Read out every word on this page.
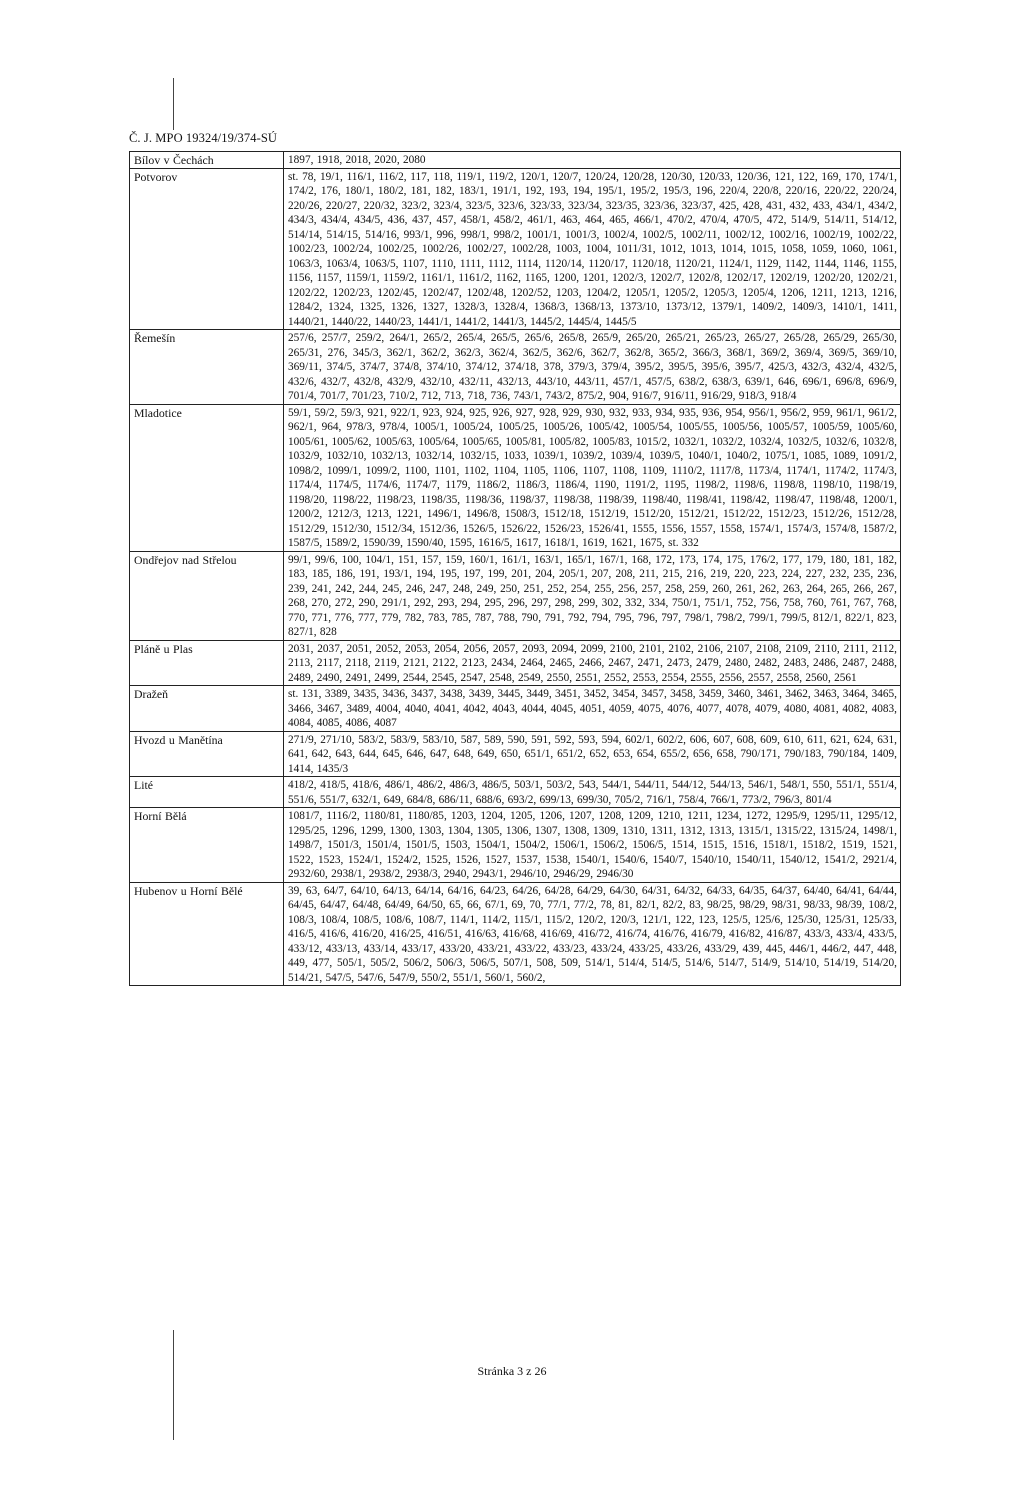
Č. J. MPO 19324/19/374-SÚ
Bílov v Čechách	1897, 1918, 2018, 2020, 2080
Potvorov	st. 78, 19/1, 116/1, 116/2, 117, 118, 119/1, 119/2, 120/1, 120/7, 120/24, 120/28, 120/30, 120/33, 120/36, 121, 122, 169, 170, 174/1, 174/2, 176, 180/1, 180/2, 181, 182, 183/1, 191/1, 192, 193, 194, 195/1, 195/2, 195/3, 196, 220/4, 220/8, 220/16, 220/22, 220/24, 220/26, 220/27, 220/32, 323/2, 323/4, 323/5, 323/6, 323/33, 323/34, 323/35, 323/36, 323/37, 425, 428, 431, 432, 433, 434/1, 434/2, 434/3, 434/4, 434/5, 436, 437, 457, 458/1, 458/2, 461/1, 463, 464, 465, 466/1, 470/2, 470/4, 470/5, 472, 514/9, 514/11, 514/12, 514/14, 514/15, 514/16, 993/1, 996, 998/1, 998/2, 1001/1, 1001/3, 1002/4, 1002/5, 1002/11, 1002/12, 1002/16, 1002/19, 1002/22, 1002/23, 1002/24, 1002/25, 1002/26, 1002/27, 1002/28, 1003, 1004, 1011/31, 1012, 1013, 1014, 1015, 1058, 1059, 1060, 1061, 1063/3, 1063/4, 1063/5, 1107, 1110, 1111, 1112, 1114, 1120/14, 1120/17, 1120/18, 1120/21, 1124/1, 1129, 1142, 1144, 1146, 1155, 1156, 1157, 1159/1, 1159/2, 1161/1, 1161/2, 1162, 1165, 1200, 1201, 1202/3, 1202/7, 1202/8, 1202/17, 1202/19, 1202/20, 1202/21, 1202/22, 1202/23, 1202/45, 1202/47, 1202/48, 1202/52, 1203, 1204/2, 1205/1, 1205/2, 1205/3, 1205/4, 1206, 1211, 1213, 1216, 1284/2, 1324, 1325, 1326, 1327, 1328/3, 1328/4, 1368/3, 1368/13, 1373/10, 1373/12, 1379/1, 1409/2, 1409/3, 1410/1, 1411, 1440/21, 1440/22, 1440/23, 1441/1, 1441/2, 1441/3, 1445/2, 1445/4, 1445/5
Řemešín	257/6, 257/7, 259/2, 264/1, 265/2, 265/4, 265/5, 265/6, 265/8, 265/9, 265/20, 265/21, 265/23, 265/27, 265/28, 265/29, 265/30, 265/31, 276, 345/3, 362/1, 362/2, 362/3, 362/4, 362/5, 362/6, 362/7, 362/8, 365/2, 366/3, 368/1, 369/2, 369/4, 369/5, 369/10, 369/11, 374/5, 374/7, 374/8, 374/10, 374/12, 374/18, 378, 379/3, 379/4, 395/2, 395/5, 395/6, 395/7, 425/3, 432/3, 432/4, 432/5, 432/6, 432/7, 432/8, 432/9, 432/10, 432/11, 432/13, 443/10, 443/11, 457/1, 457/5, 638/2, 638/3, 639/1, 646, 696/1, 696/8, 696/9, 701/4, 701/7, 701/23, 710/2, 712, 713, 718, 736, 743/1, 743/2, 875/2, 904, 916/7, 916/11, 916/29, 918/3, 918/4
Mladotice	59/1, 59/2, 59/3, 921, 922/1, 923, 924, 925, 926, 927, 928, 929, 930, 932, 933, 934, 935, 936, 954, 956/1, 956/2, 959, 961/1, 961/2, 962/1, 964, 978/3, 978/4, 1005/1, 1005/24, 1005/25, 1005/26, 1005/42, 1005/54, 1005/55, 1005/56, 1005/57, 1005/59, 1005/60, 1005/61, 1005/62, 1005/63, 1005/64, 1005/65, 1005/81, 1005/82, 1005/83, 1015/2, 1032/1, 1032/2, 1032/4, 1032/5, 1032/6, 1032/8, 1032/9, 1032/10, 1032/13, 1032/14, 1032/15, 1033, 1039/1, 1039/2, 1039/4, 1039/5, 1040/1, 1040/2, 1075/1, 1085, 1089, 1091/2, 1098/2, 1099/1, 1099/2, 1100, 1101, 1102, 1104, 1105, 1106, 1107, 1108, 1109, 1110/2, 1117/8, 1173/4, 1174/1, 1174/2, 1174/3, 1174/4, 1174/5, 1174/6, 1174/7, 1179, 1186/2, 1186/3, 1186/4, 1190, 1191/2, 1195, 1198/2, 1198/6, 1198/8, 1198/10, 1198/19, 1198/20, 1198/22, 1198/23, 1198/35, 1198/36, 1198/37, 1198/38, 1198/39, 1198/40, 1198/41, 1198/42, 1198/47, 1198/48, 1200/1, 1200/2, 1212/3, 1213, 1221, 1496/1, 1496/8, 1508/3, 1512/18, 1512/19, 1512/20, 1512/21, 1512/22, 1512/23, 1512/26, 1512/28, 1512/29, 1512/30, 1512/34, 1512/36, 1526/5, 1526/22, 1526/23, 1526/41, 1555, 1556, 1557, 1558, 1574/1, 1574/3, 1574/8, 1587/2, 1587/5, 1589/2, 1590/39, 1590/40, 1595, 1616/5, 1617, 1618/1, 1619, 1621, 1675, st. 332
Ondřejov nad Střelou	99/1, 99/6, 100, 104/1, 151, 157, 159, 160/1, 161/1, 163/1, 165/1, 167/1, 168, 172, 173, 174, 175, 176/2, 177, 179, 180, 181, 182, 183, 185, 186, 191, 193/1, 194, 195, 197, 199, 201, 204, 205/1, 207, 208, 211, 215, 216, 219, 220, 223, 224, 227, 232, 235, 236, 239, 241, 242, 244, 245, 246, 247, 248, 249, 250, 251, 252, 254, 255, 256, 257, 258, 259, 260, 261, 262, 263, 264, 265, 266, 267, 268, 270, 272, 290, 291/1, 292, 293, 294, 295, 296, 297, 298, 299, 302, 332, 334, 750/1, 751/1, 752, 756, 758, 760, 761, 767, 768, 770, 771, 776, 777, 779, 782, 783, 785, 787, 788, 790, 791, 792, 794, 795, 796, 797, 798/1, 798/2, 799/1, 799/5, 812/1, 822/1, 823, 827/1, 828
Pláně u Plas	2031, 2037, 2051, 2052, 2053, 2054, 2056, 2057, 2093, 2094, 2099, 2100, 2101, 2102, 2106, 2107, 2108, 2109, 2110, 2111, 2112, 2113, 2117, 2118, 2119, 2121, 2122, 2123, 2434, 2464, 2465, 2466, 2467, 2471, 2473, 2479, 2480, 2482, 2483, 2486, 2487, 2488, 2489, 2490, 2491, 2499, 2544, 2545, 2547, 2548, 2549, 2550, 2551, 2552, 2553, 2554, 2555, 2556, 2557, 2558, 2560, 2561
Dražeň	st. 131, 3389, 3435, 3436, 3437, 3438, 3439, 3445, 3449, 3451, 3452, 3454, 3457, 3458, 3459, 3460, 3461, 3462, 3463, 3464, 3465, 3466, 3467, 3489, 4004, 4040, 4041, 4042, 4043, 4044, 4045, 4051, 4059, 4075, 4076, 4077, 4078, 4079, 4080, 4081, 4082, 4083, 4084, 4085, 4086, 4087
Hvozd u Manětína	271/9, 271/10, 583/2, 583/9, 583/10, 587, 589, 590, 591, 592, 593, 594, 602/1, 602/2, 606, 607, 608, 609, 610, 611, 621, 624, 631, 641, 642, 643, 644, 645, 646, 647, 648, 649, 650, 651/1, 651/2, 652, 653, 654, 655/2, 656, 658, 790/171, 790/183, 790/184, 1409, 1414, 1435/3
Lité	418/2, 418/5, 418/6, 486/1, 486/2, 486/3, 486/5, 503/1, 503/2, 543, 544/1, 544/11, 544/12, 544/13, 546/1, 548/1, 550, 551/1, 551/4, 551/6, 551/7, 632/1, 649, 684/8, 686/11, 688/6, 693/2, 699/13, 699/30, 705/2, 716/1, 758/4, 766/1, 773/2, 796/3, 801/4
Horní Bělá	1081/7, 1116/2, 1180/81, 1180/85, 1203, 1204, 1205, 1206, 1207, 1208, 1209, 1210, 1211, 1234, 1272, 1295/9, 1295/11, 1295/12, 1295/25, 1296, 1299, 1300, 1303, 1304, 1305, 1306, 1307, 1308, 1309, 1310, 1311, 1312, 1313, 1315/1, 1315/22, 1315/24, 1498/1, 1498/7, 1501/3, 1501/4, 1501/5, 1503, 1504/1, 1504/2, 1506/1, 1506/2, 1506/5, 1514, 1515, 1516, 1518/1, 1518/2, 1519, 1521, 1522, 1523, 1524/1, 1524/2, 1525, 1526, 1527, 1537, 1538, 1540/1, 1540/6, 1540/7, 1540/10, 1540/11, 1540/12, 1541/2, 2921/4, 2932/60, 2938/1, 2938/2, 2938/3, 2940, 2943/1, 2946/10, 2946/29, 2946/30
Hubenov u Horní Bělé	39, 63, 64/7, 64/10, 64/13, 64/14, 64/16, 64/23, 64/26, 64/28, 64/29, 64/30, 64/31, 64/32, 64/33, 64/35, 64/37, 64/40, 64/41, 64/44, 64/45, 64/47, 64/48, 64/49, 64/50, 65, 66, 67/1, 69, 70, 77/1, 77/2, 78, 81, 82/1, 82/2, 83, 98/25, 98/29, 98/31, 98/33, 98/39, 108/2, 108/3, 108/4, 108/5, 108/6, 108/7, 114/1, 114/2, 115/1, 115/2, 120/2, 120/3, 121/1, 122, 123, 125/5, 125/6, 125/30, 125/31, 125/33, 416/5, 416/6, 416/20, 416/25, 416/51, 416/63, 416/68, 416/69, 416/72, 416/74, 416/76, 416/79, 416/82, 416/87, 433/3, 433/4, 433/5, 433/12, 433/13, 433/14, 433/17, 433/20, 433/21, 433/22, 433/23, 433/24, 433/25, 433/26, 433/29, 439, 445, 446/1, 446/2, 447, 448, 449, 477, 505/1, 505/2, 506/2, 506/3, 506/5, 507/1, 508, 509, 514/1, 514/4, 514/5, 514/6, 514/7, 514/9, 514/10, 514/19, 514/20, 514/21, 547/5, 547/6, 547/9, 550/2, 551/1, 560/1, 560/2,
Stránka 3 z 26
